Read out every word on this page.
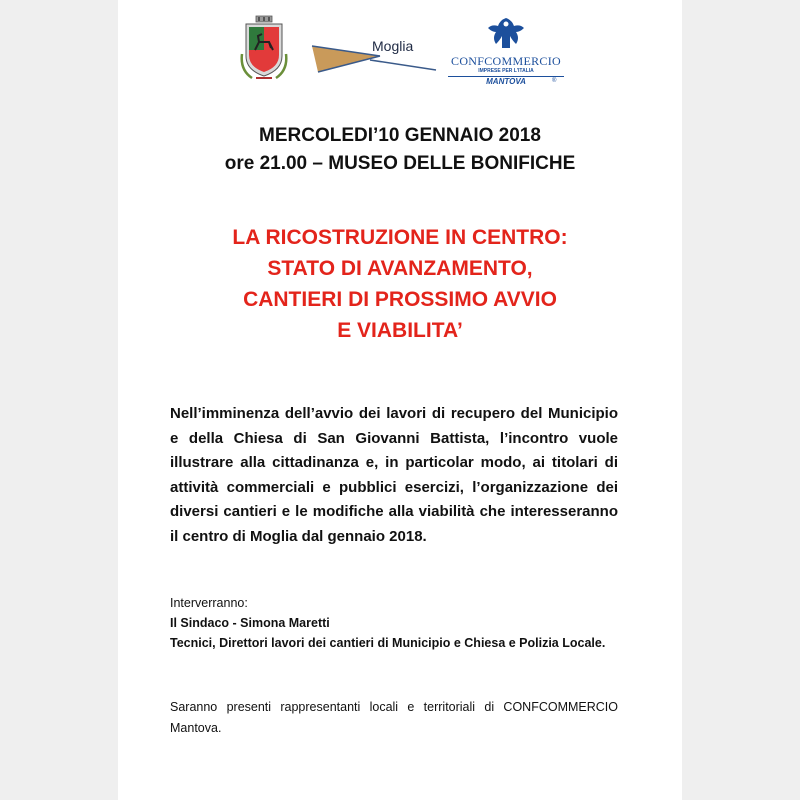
Moglia
CONFCOMMERCIO
IMPRESE PER L'ITALIA
MANTOVA	®
MERCOLEDI’10 GENNAIO 2018
ore 21.00 – MUSEO DELLE BONIFICHE
LA RICOSTRUZIONE IN CENTRO:
STATO DI AVANZAMENTO,
CANTIERI DI PROSSIMO AVVIO
E VIABILITA’

Nell’imminenza dell’avvio dei lavori di recupero del Municipio e della Chiesa di San Giovanni Battista, l’incontro vuole illustrare alla cittadinanza e, in particolar modo, ai titolari di attività commerciali e pubblici esercizi, l’organizzazione dei diversi cantieri e le modifiche alla viabilità che interesseranno il centro di Moglia dal gennaio 2018.

Interverranno:
Il Sindaco - Simona Maretti
Tecnici, Direttori lavori dei cantieri di Municipio e Chiesa e Polizia Locale.

Saranno presenti rappresentanti locali e territoriali di CONFCOMMERCIO Mantova.
